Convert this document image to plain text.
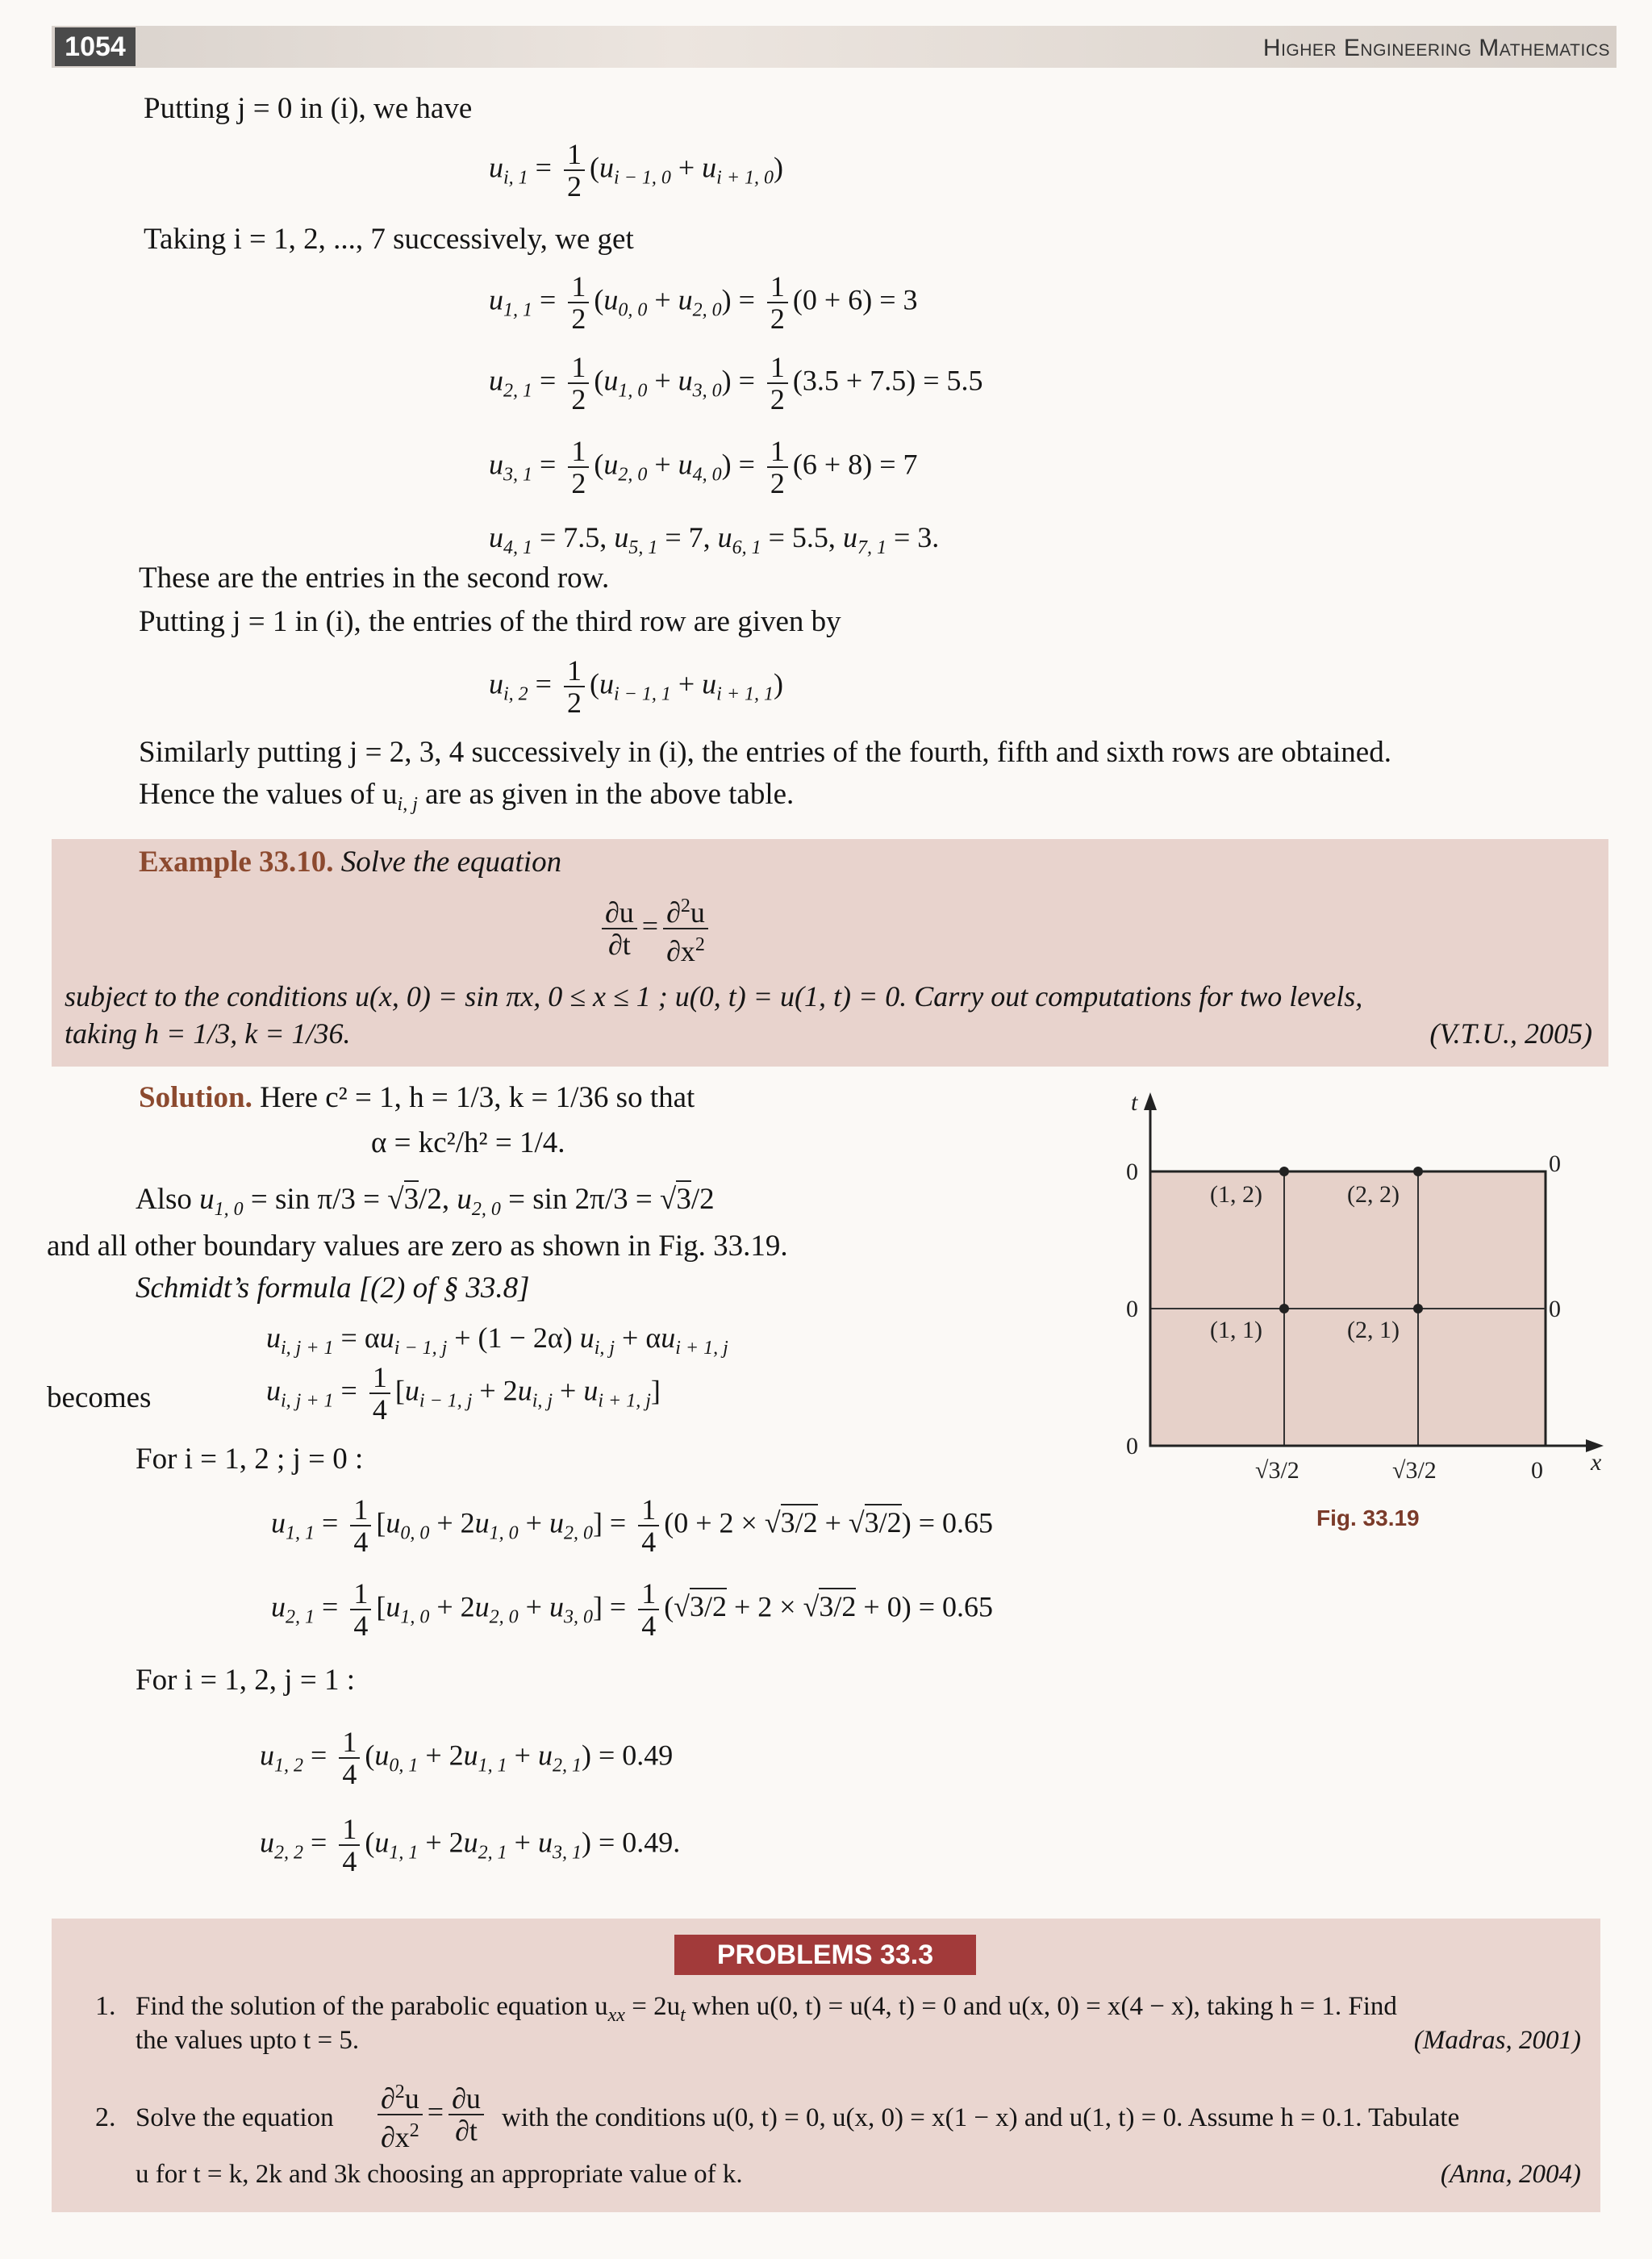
1054	Higher Engineering Mathematics
Putting j = 0 in (i), we have
$u_{i, 1} = \frac{1}{2} (u_{i - 1, 0} + u_{i + 1, 0})$
Taking i = 1, 2, ..., 7 successively, we get
$u_{1, 1} = \frac{1}{2} (u_{0, 0} + u_{2, 0}) = \frac{1}{2} (0 + 6) = 3$
$u_{2, 1} = \frac{1}{2} (u_{1, 0} + u_{3, 0}) = \frac{1}{2} (3.5 + 7.5) = 5.5$
$u_{3, 1} = \frac{1}{2} (u_{2, 0} + u_{4, 0}) = \frac{1}{2} (6 + 8) = 7$
$u_{4, 1} = 7.5$, $u_{5, 1} = 7$, $u_{6, 1} = 5.5$, $u_{7, 1} = 3$.
These are the entries in the second row.
Putting j = 1 in (i), the entries of the third row are given by
$u_{i, 2} = \frac{1}{2} (u_{i - 1, 1} + u_{i + 1, 1})$
Similarly putting j = 2, 3, 4 successively in (i), the entries of the fourth, fifth and sixth rows are obtained.
Hence the values of $u_{i, j}$ are as given in the above table.
Example 33.10. Solve the equation
$\frac{\partial u}{\partial t} = \frac{\partial^2u}{\partial x^2}$
subject to the conditions u(x, 0) = sin πx, 0 ≤ x ≤ 1 ; u(0, t) = u(1, t) = 0. Carry out computations for two levels,
taking h = 1/3, k = 1/36.	(V.T.U., 2005)
Solution. Here c² = 1, h = 1/3, k = 1/36 so that
α = kc²/h² = 1/4.
Also $u_{1, 0} = \sin \pi/3 = √3/2$, $u_{2, 0} = \sin 2\pi/3 = √3/2$
and all other boundary values are zero as shown in Fig. 33.19.
Schmidt’s formula [(2) of § 33.8]
$u_{i, j + 1} = \alpha u_{i - 1, j} + (1 - 2\alpha) u_{i, j} + \alpha u_{i + 1, j}$
becomes	$u_{i, j + 1} = \frac{1}{4} [u_{i - 1, j} + 2u_{i, j} + u_{i + 1, j}]$
For i = 1, 2 ; j = 0 :
$u_{1, 1} = \frac{1}{4} [u_{0, 0} + 2u_{1, 0} + u_{2, 0}] = \frac{1}{4} (0 + 2 \times √3/2 + √3/2) = 0.65$
$u_{2, 1} = \frac{1}{4} [u_{1, 0} + 2u_{2, 0} + u_{3, 0}] = \frac{1}{4} (√3/2 + 2 \times √3/2 + 0) = 0.65$
For i = 1, 2, j = 1 :
$u_{1, 2} = \frac{1}{4} (u_{0, 1} + 2u_{1, 1} + u_{2, 1}) = 0.49$
$u_{2, 2} = \frac{1}{4} (u_{1, 1} + 2u_{2, 1} + u_{3, 1}) = 0.49$.
t
x
(1, 2)	(2, 2)
(1, 1)	(2, 1)
0
0
0
0
0
√3/2	√3/2	0
Fig. 33.19
PROBLEMS 33.3
1. Find the solution of the parabolic equation $u_{xx} = 2u_t$ when u(0, t) = u(4, t) = 0 and u(x, 0) = x(4 − x), taking h = 1. Find
the values upto t = 5.	(Madras, 2001)
2. Solve the equation $\frac{\partial^2u}{\partial x^2} = \frac{\partial u}{\partial t}$ with the conditions u(0, t) = 0, u(x, 0) = x(1 − x) and u(1, t) = 0. Assume h = 0.1. Tabulate
u for t = k, 2k and 3k choosing an appropriate value of k.	(Anna, 2004)
